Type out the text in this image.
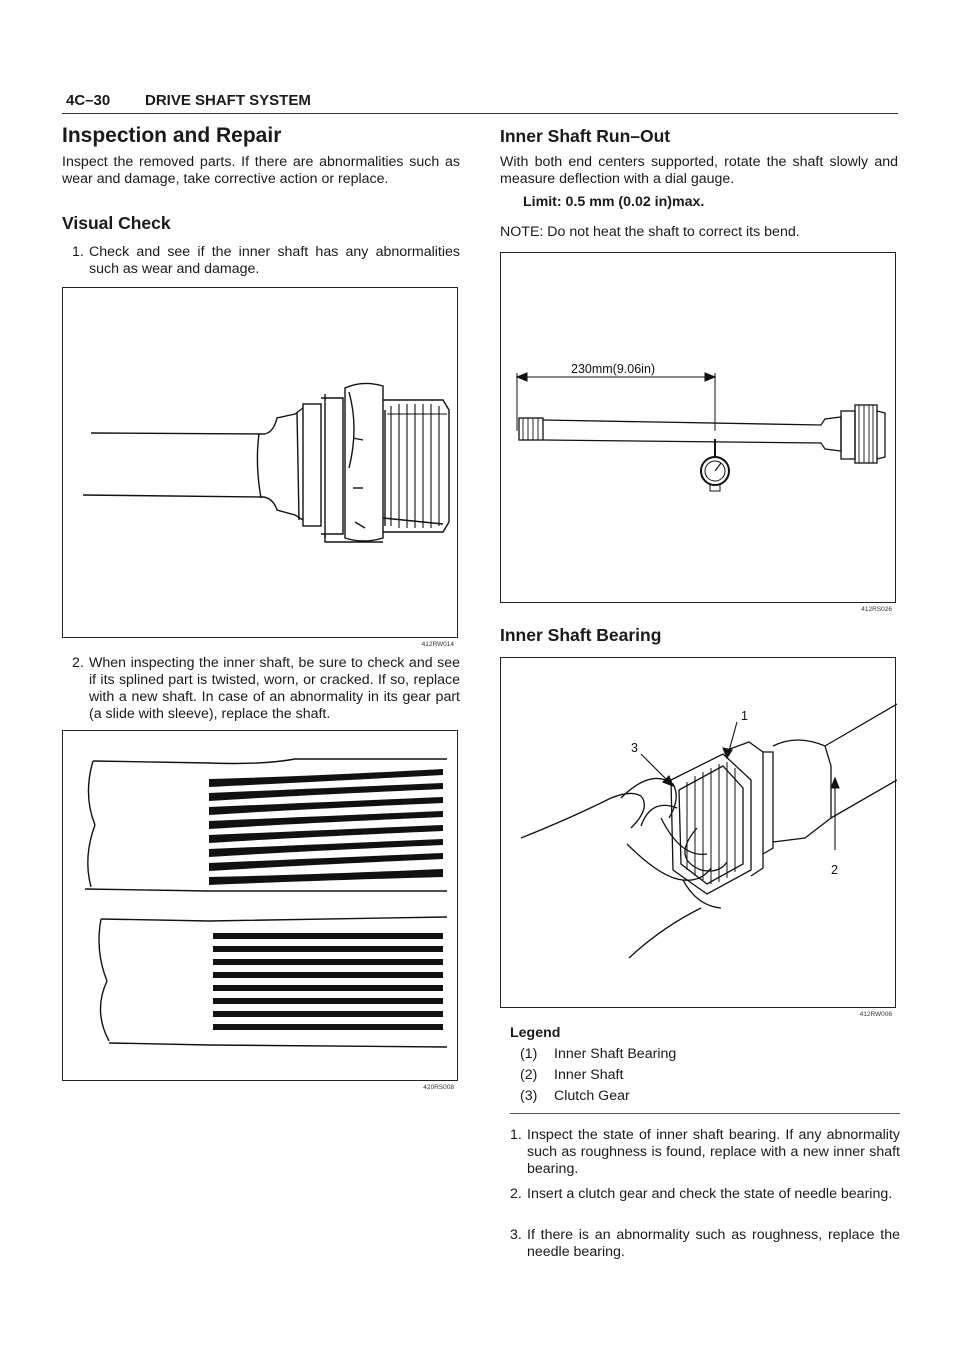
4C–30 DRIVE SHAFT SYSTEM
Inspection and Repair
Inspect the removed parts. If there are abnormalities such as wear and damage, take corrective action or replace.
Visual Check
1. Check and see if the inner shaft has any abnormalities such as wear and damage.
412RW014
2. When inspecting the inner shaft, be sure to check and see if its splined part is twisted, worn, or cracked. If so, replace with a new shaft. In case of an abnormality in its gear part (a slide with sleeve), replace the shaft.
420RS008
Inner Shaft Run–Out
With both end centers supported, rotate the shaft slowly and measure deflection with a dial gauge.
Limit: 0.5 mm (0.02 in)max.
NOTE: Do not heat the shaft to correct its bend.
230mm(9.06in)
412RS026
Inner Shaft Bearing
1
2
3
412RW006
Legend
(1) Inner Shaft Bearing
(2) Inner Shaft
(3) Clutch Gear
1. Inspect the state of inner shaft bearing. If any abnormality such as roughness is found, replace with a new inner shaft bearing.
2. Insert a clutch gear and check the state of needle bearing.
3. If there is an abnormality such as roughness, replace the needle bearing.
